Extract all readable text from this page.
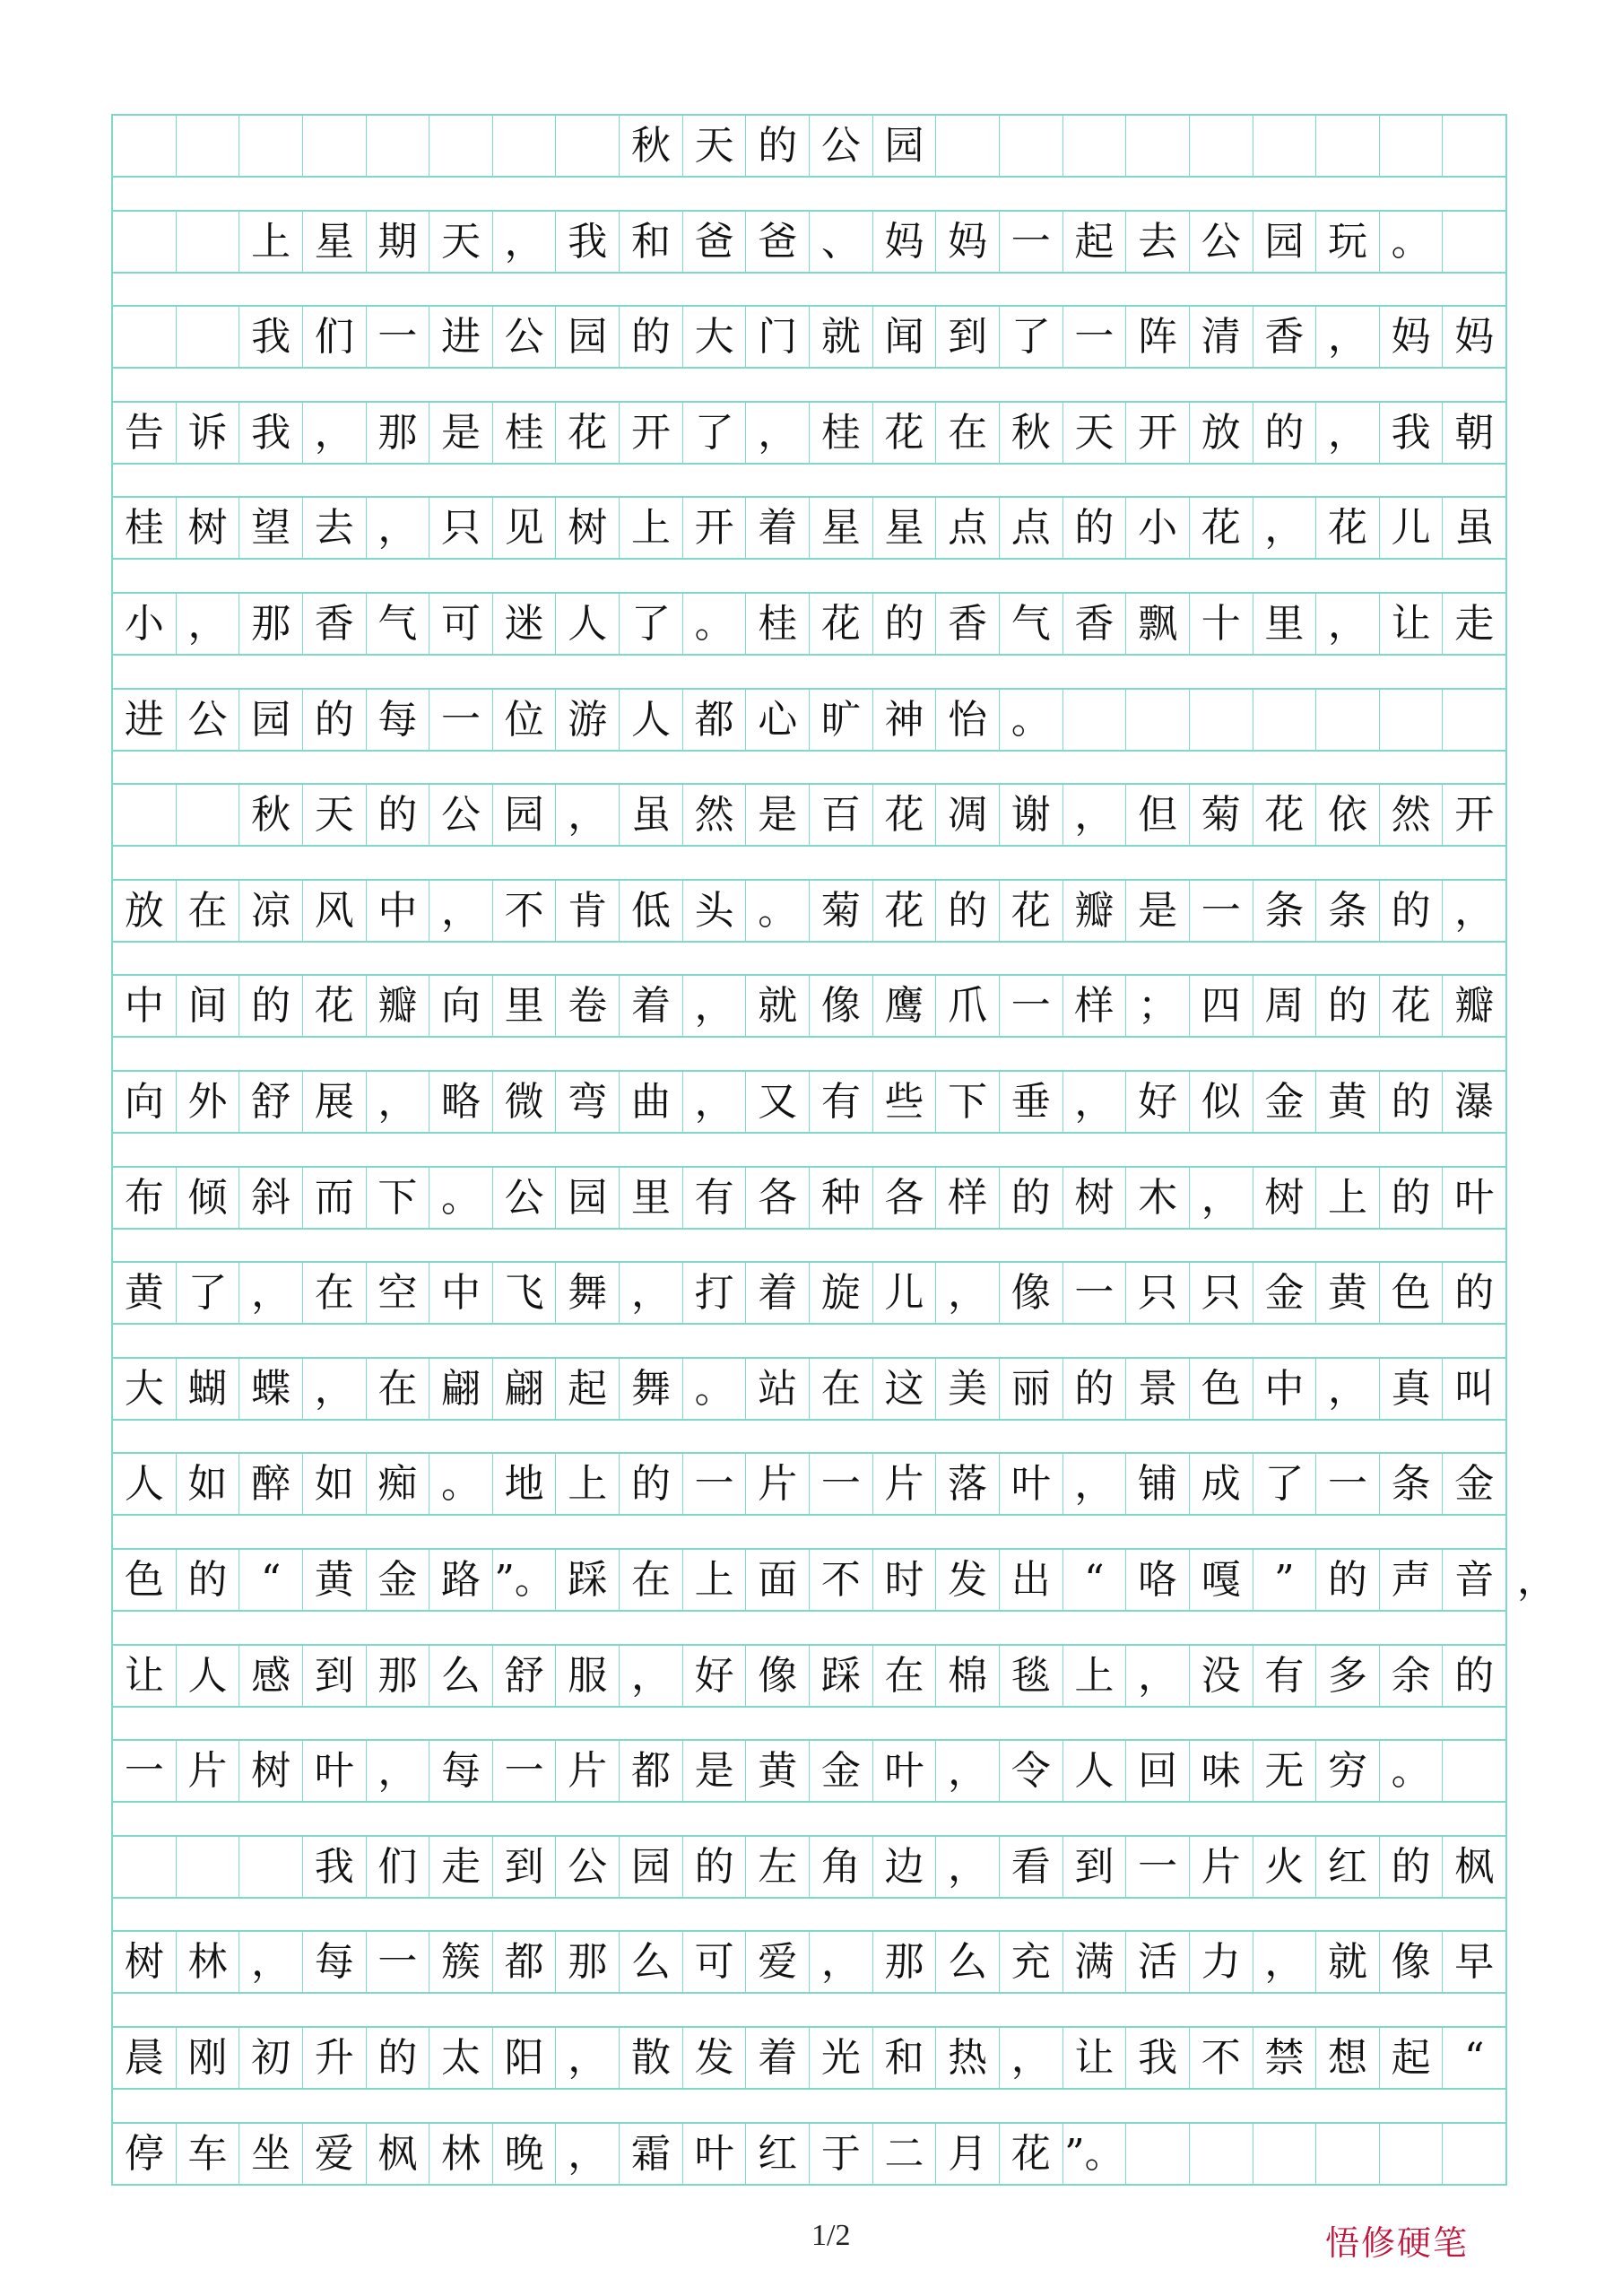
秋 天 的 公 园
上 星 期 天 ， 我 和 爸 爸 、 妈 妈 一 起 去 公 园 玩 。
我 们 一 进 公 园 的 大 门 就 闻 到 了 一 阵 清 香 ， 妈 妈
告 诉 我 ， 那 是 桂 花 开 了 ， 桂 花 在 秋 天 开 放 的 ， 我 朝
桂 树 望 去 ， 只 见 树 上 开 着 星 星 点 点 的 小 花 ， 花 儿 虽
小 ， 那 香 气 可 迷 人 了 。 桂 花 的 香 气 香 飘 十 里 ， 让 走
进 公 园 的 每 一 位 游 人 都 心 旷 神 怡 。
秋 天 的 公 园 ， 虽 然 是 百 花 凋 谢 ， 但 菊 花 依 然 开
放 在 凉 风 中 ， 不 肯 低 头 。 菊 花 的 花 瓣 是 一 条 条 的 ，
中 间 的 花 瓣 向 里 卷 着 ， 就 像 鹰 爪 一 样 ； 四 周 的 花 瓣
向 外 舒 展 ， 略 微 弯 曲 ， 又 有 些 下 垂 ， 好 似 金 黄 的 瀑
布 倾 斜 而 下 。 公 园 里 有 各 种 各 样 的 树 木 ， 树 上 的 叶
黄 了 ， 在 空 中 飞 舞 ， 打 着 旋 儿 ， 像 一 只 只 金 黄 色 的
大 蝴 蝶 ， 在 翩 翩 起 舞 。 站 在 这 美 丽 的 景 色 中 ， 真 叫
人 如 醉 如 痴 。 地 上 的 一 片 一 片 落 叶 ， 铺 成 了 一 条 金
色 的 “ 黄 金 路 ”。 踩 在 上 面 不 时 发 出 “ 咯 嘎 ” 的 声 音
让 人 感 到 那 么 舒 服 ， 好 像 踩 在 棉 毯 上 ， 没 有 多 余 的
一 片 树 叶 ， 每 一 片 都 是 黄 金 叶 ， 令 人 回 味 无 穷 。
我 们 走 到 公 园 的 左 角 边 ， 看 到 一 片 火 红 的 枫
树 林 ， 每 一 簇 都 那 么 可 爱 ， 那 么 充 满 活 力 ， 就 像 早
晨 刚 初 升 的 太 阳 ， 散 发 着 光 和 热 ， 让 我 不 禁 想 起 “
停 车 坐 爱 枫 林 晚 ， 霜 叶 红 于 二 月 花 ”。
，
1/2	悟修硬笔
